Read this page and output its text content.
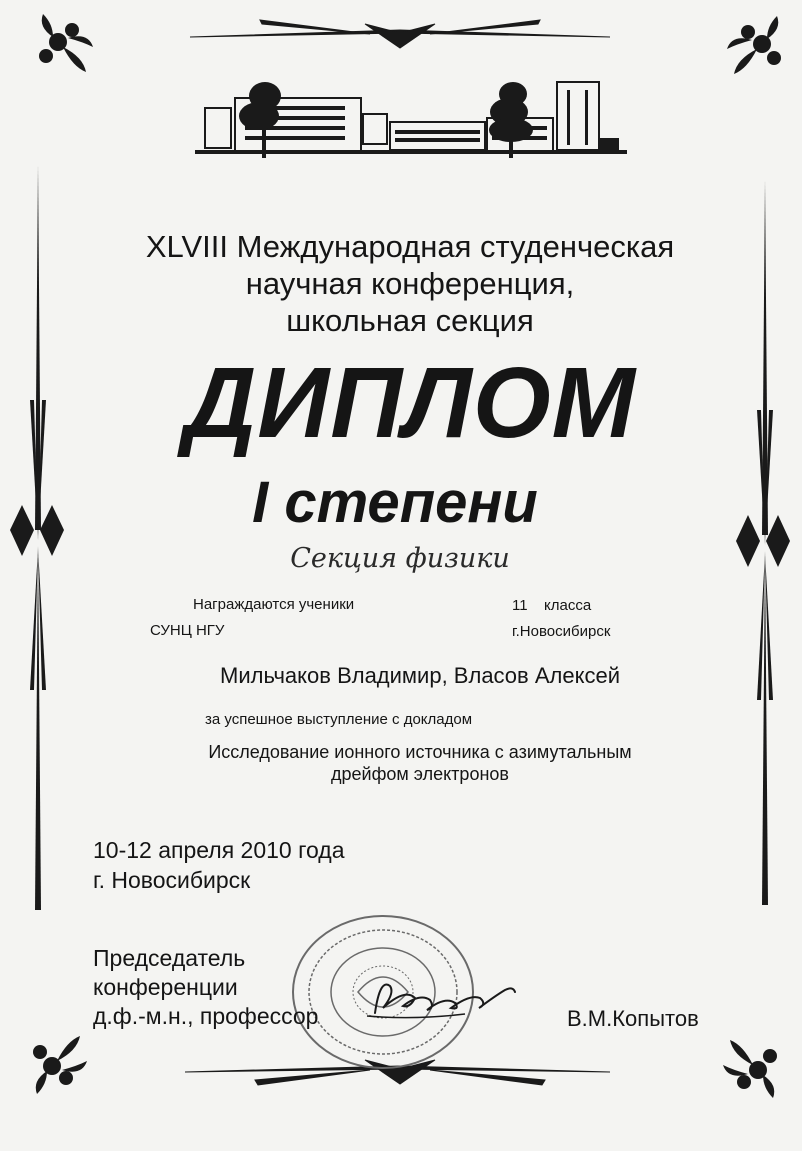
XLVIII Международная студенческая
научная конференция,
школьная секция
ДИПЛОМ
I степени
Секция физики
Награждаются ученики	11 класса
СУНЦ НГУ	г.Новосибирск
Мильчаков Владимир, Власов Алексей
за успешное выступление с докладом
Исследование ионного источника с азимутальным
дрейфом электронов
10-12 апреля 2010 года
г. Новосибирск
Председатель
конференции
д.ф.-м.н., профессор	В.М.Копытов
